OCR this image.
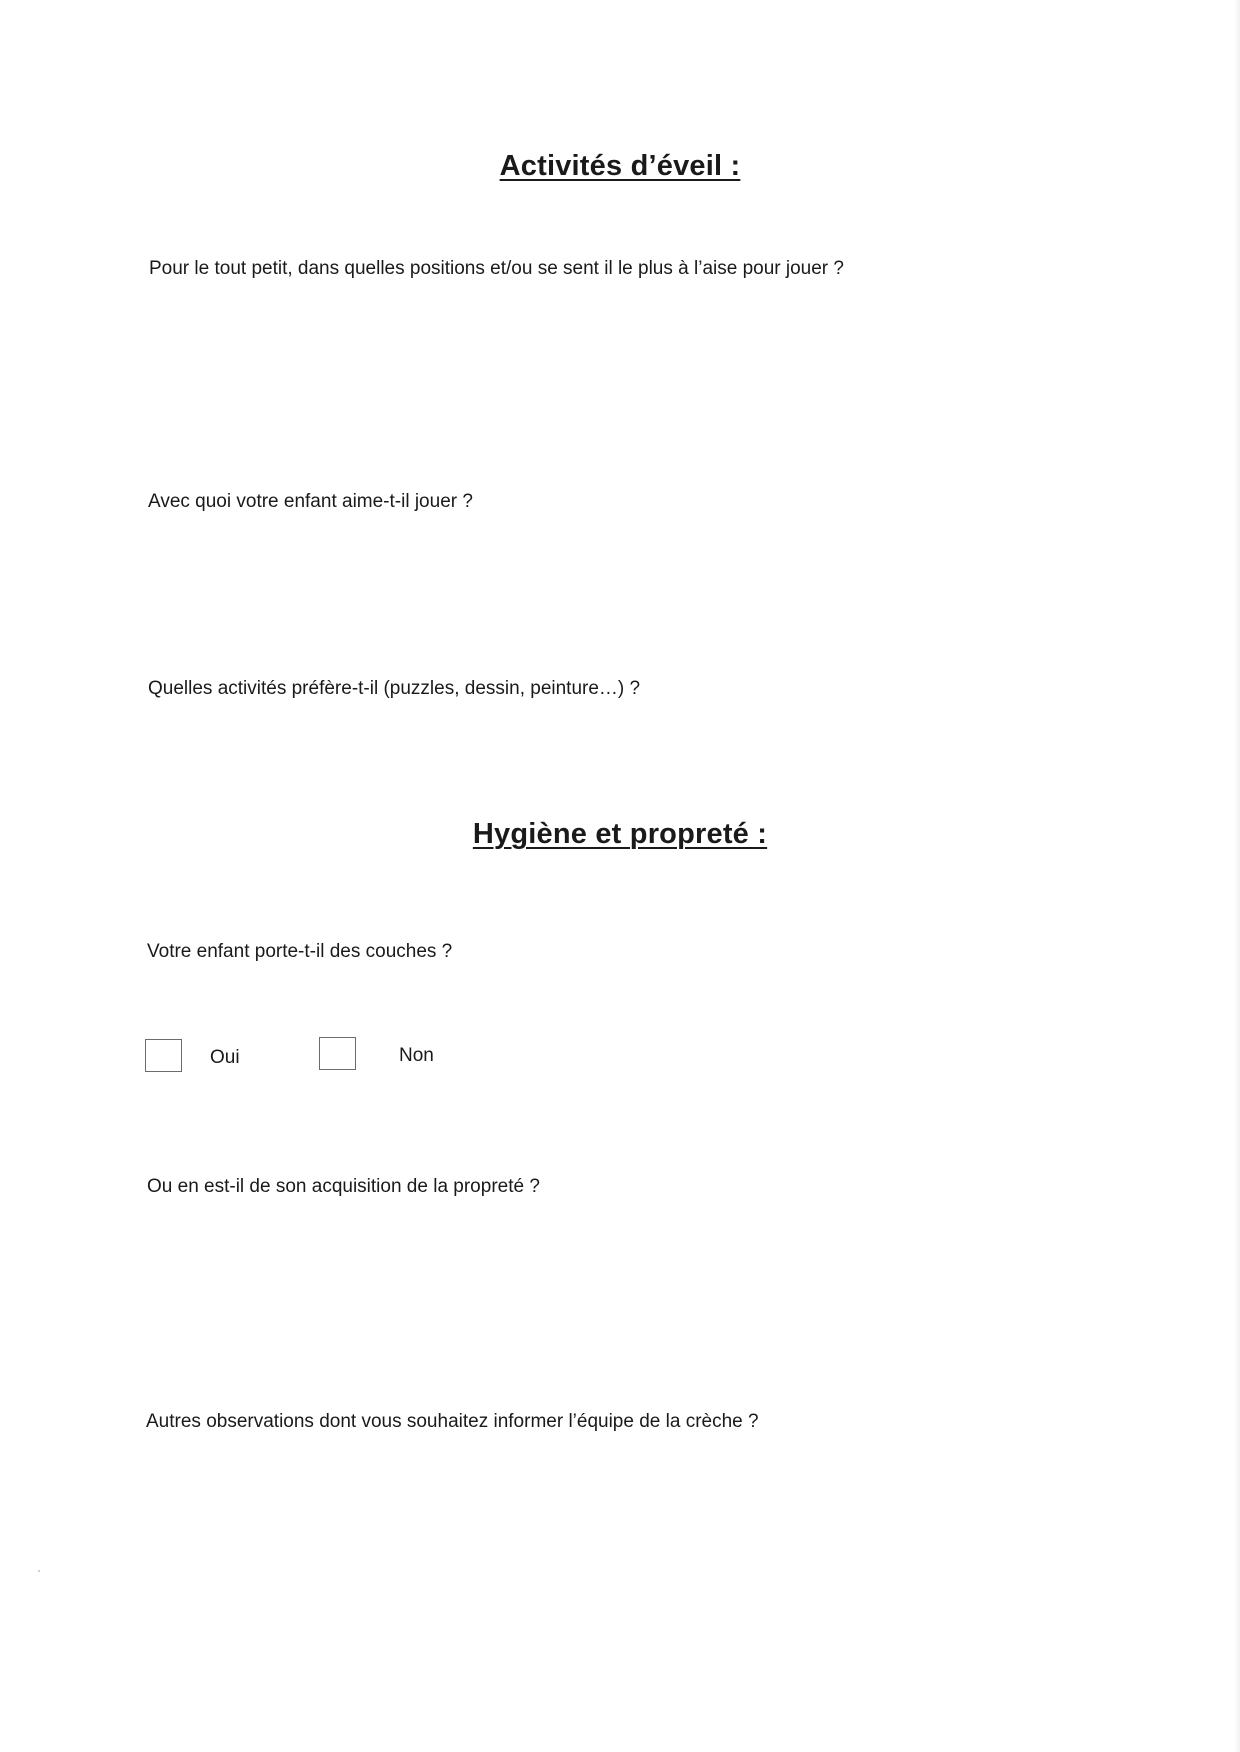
Activités d’éveil :
Pour le tout petit, dans quelles positions et/ou se sent il le plus à l’aise pour jouer ?
Avec quoi votre enfant aime-t-il jouer ?
Quelles activités préfère-t-il (puzzles, dessin, peinture…) ?
Hygiène et propreté :
Votre enfant porte-t-il des couches ?
Oui	Non
Ou en est-il de son acquisition de la propreté ?
Autres observations dont vous souhaitez informer l’équipe de la crèche ?
